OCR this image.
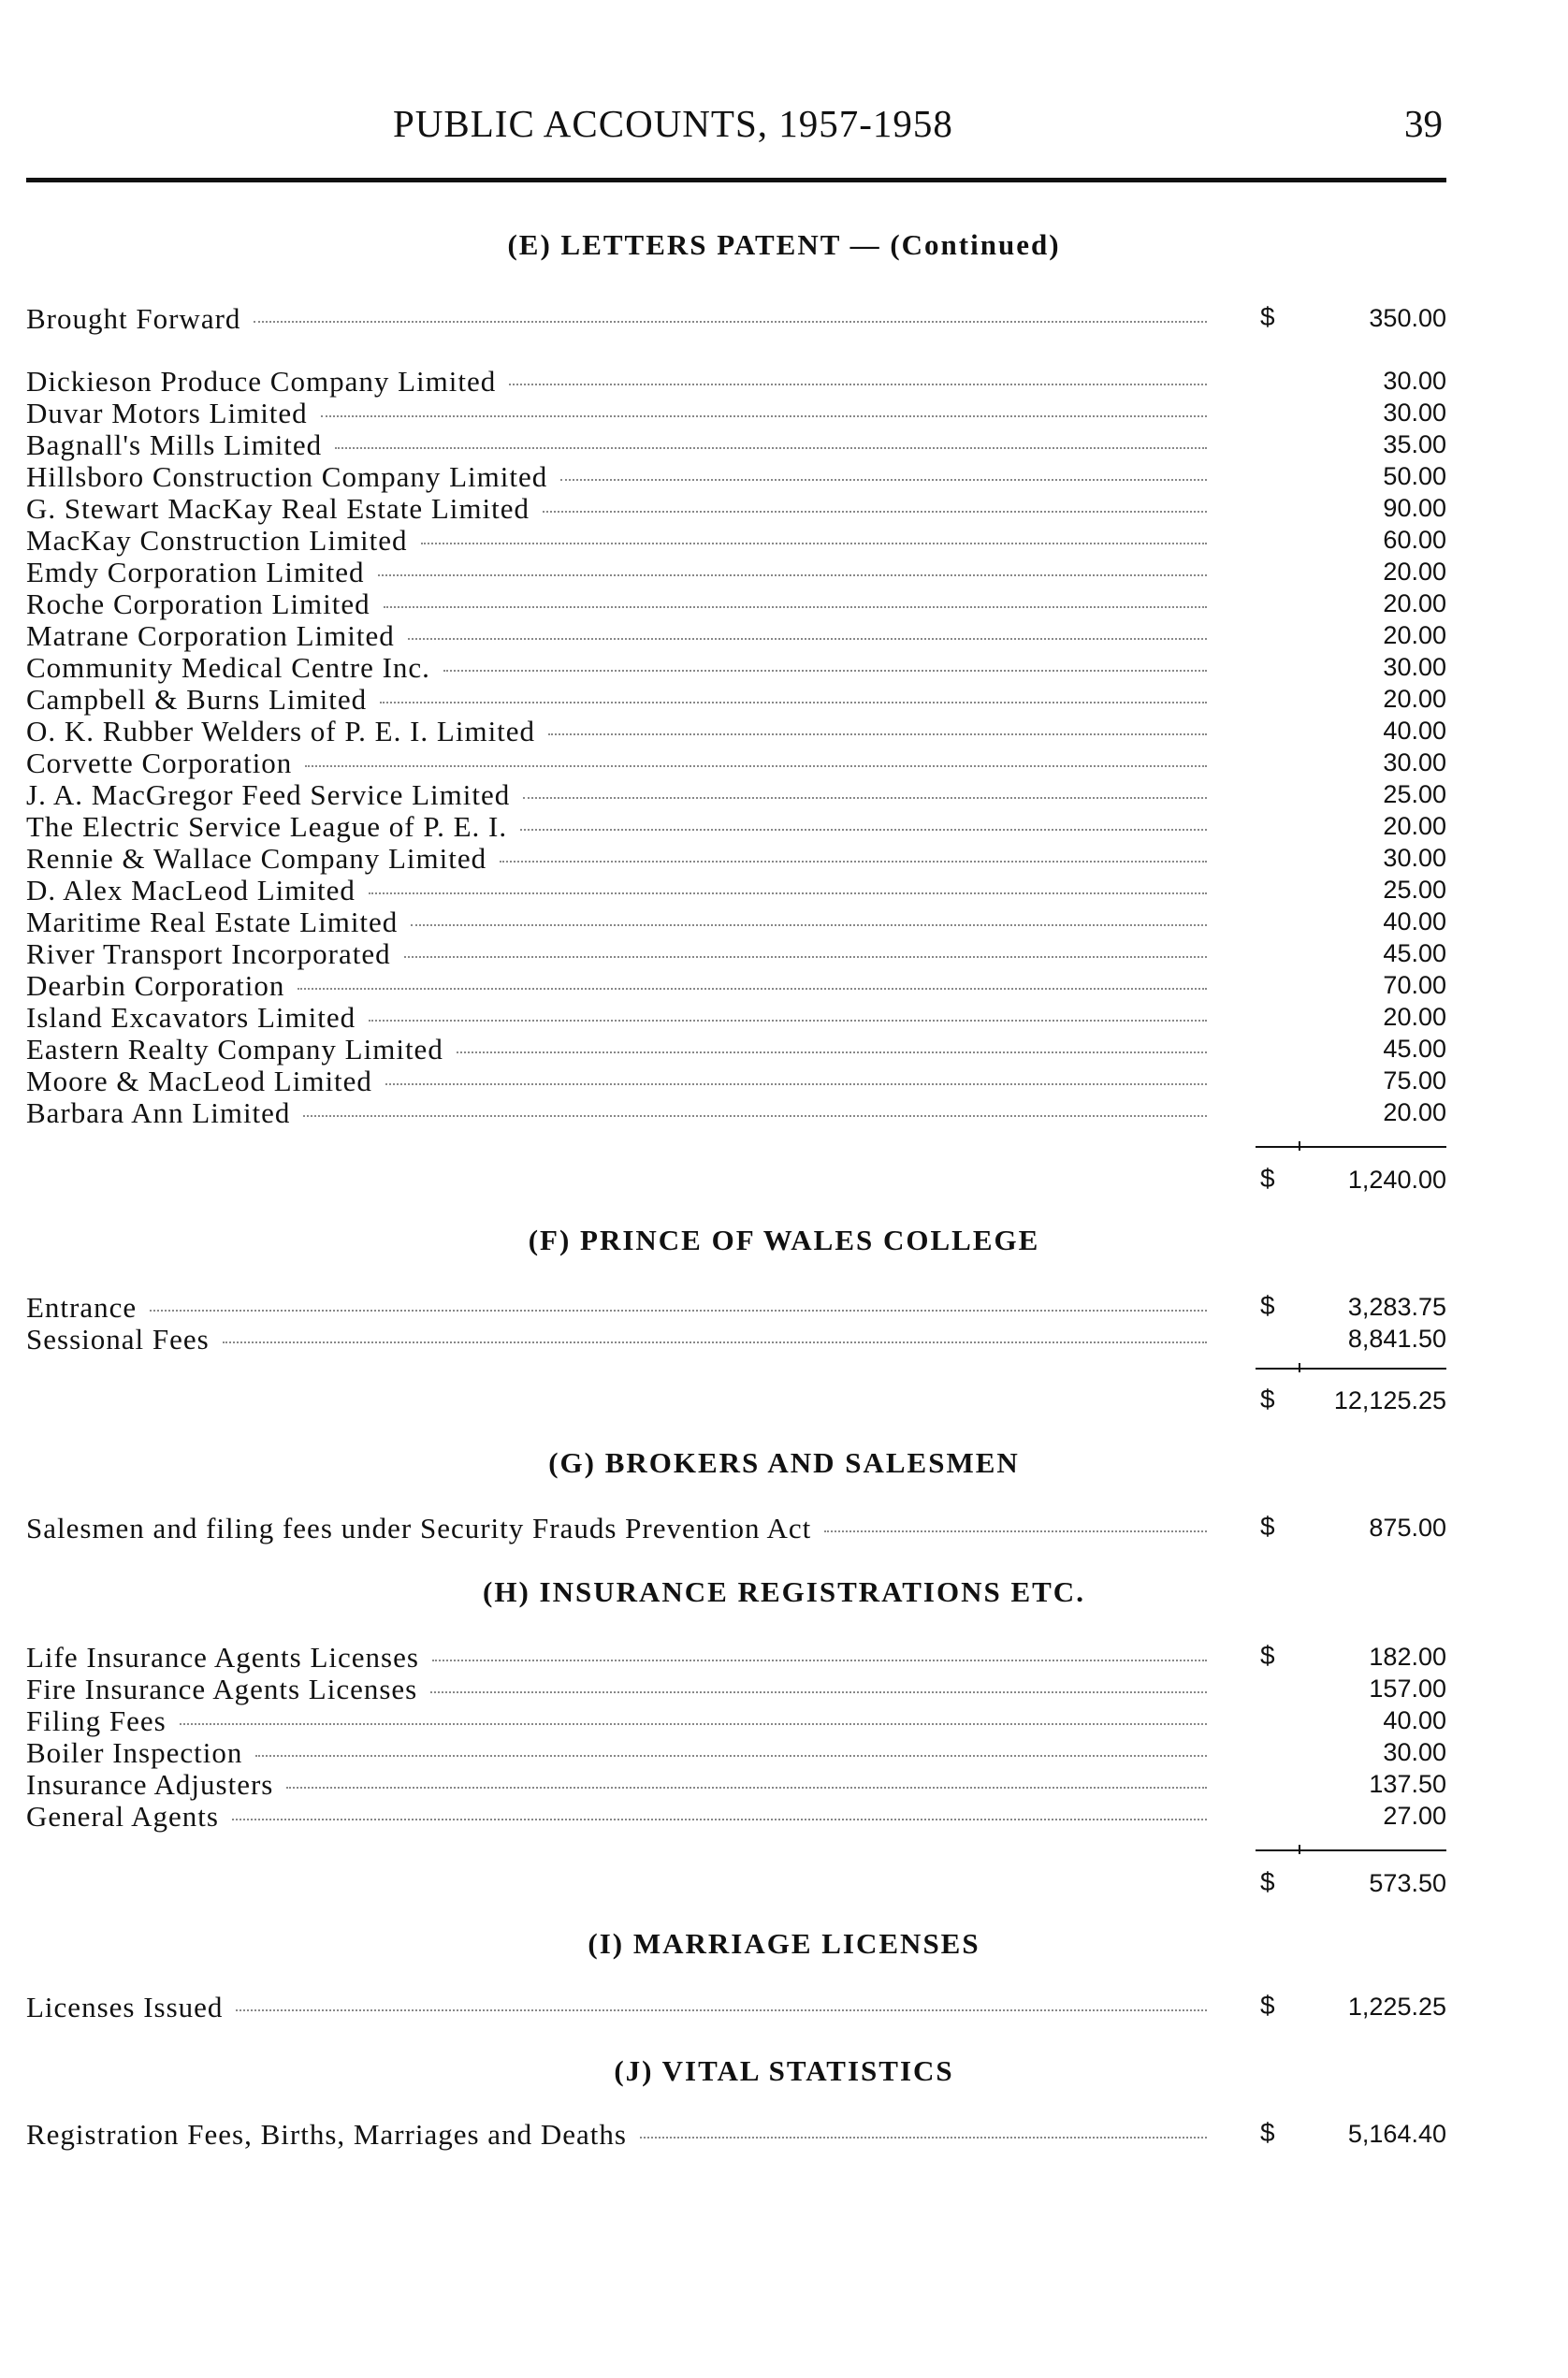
PUBLIC ACCOUNTS, 1957-1958	39
(E) LETTERS PATENT — (Continued)
Brought Forward	$	350.00
Dickieson Produce Company Limited	30.00
Duvar Motors Limited	30.00
Bagnall's Mills Limited	35.00
Hillsboro Construction Company Limited	50.00
G. Stewart MacKay Real Estate Limited	90.00
MacKay Construction Limited	60.00
Emdy Corporation Limited	20.00
Roche Corporation Limited	20.00
Matrane Corporation Limited	20.00
Community Medical Centre Inc.	30.00
Campbell & Burns Limited	20.00
O. K. Rubber Welders of P. E. I. Limited	40.00
Corvette Corporation	30.00
J. A. MacGregor Feed Service Limited	25.00
The Electric Service League of P. E. I.	20.00
Rennie & Wallace Company Limited	30.00
D. Alex MacLeod Limited	25.00
Maritime Real Estate Limited	40.00
River Transport Incorporated	45.00
Dearbin Corporation	70.00
Island Excavators Limited	20.00
Eastern Realty Company Limited	45.00
Moore & MacLeod Limited	75.00
Barbara Ann Limited	20.00
$	1,240.00
(F) PRINCE OF WALES COLLEGE
Entrance	$	3,283.75
Sessional Fees	8,841.50
$ 12,125.25
(G) BROKERS AND SALESMEN
Salesmen and filing fees under Security Frauds Prevention Act	$	875.00
(H) INSURANCE REGISTRATIONS ETC.
Life Insurance Agents Licenses	$	182.00
Fire Insurance Agents Licenses	157.00
Filing Fees	40.00
Boiler Inspection	30.00
Insurance Adjusters	137.50
General Agents	27.00
$	573.50
(I) MARRIAGE LICENSES
Licenses Issued	$	1,225.25
(J) VITAL STATISTICS
Registration Fees, Births, Marriages and Deaths	$	5,164.40
